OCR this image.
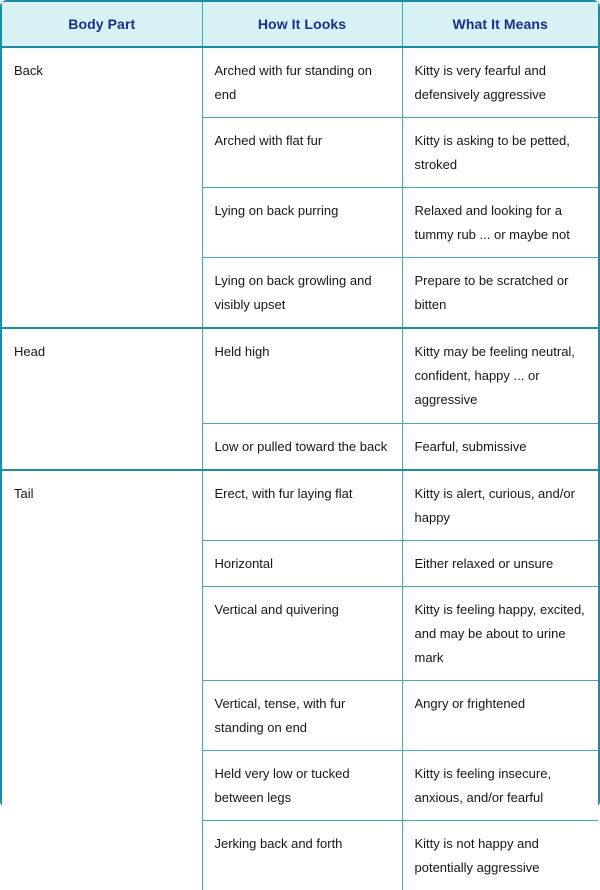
Body Part	How It Looks	What It Means
Back	Arched with fur standing on end	Kitty is very fearful and defensively aggressive
	Arched with flat fur	Kitty is asking to be petted, stroked
	Lying on back purring	Relaxed and looking for a tummy rub ... or maybe not
	Lying on back growling and visibly upset	Prepare to be scratched or bitten
Head	Held high	Kitty may be feeling neutral, confident, happy ... or aggressive
	Low or pulled toward the back	Fearful, submissive
Tail	Erect, with fur laying flat	Kitty is alert, curious, and/or happy
	Horizontal	Either relaxed or unsure
	Vertical and quivering	Kitty is feeling happy, excited, and may be about to urine mark
	Vertical, tense, with fur standing on end	Angry or frightened
	Held very low or tucked between legs	Kitty is feeling insecure, anxious, and/or fearful
	Jerking back and forth	Kitty is not happy and potentially aggressive
